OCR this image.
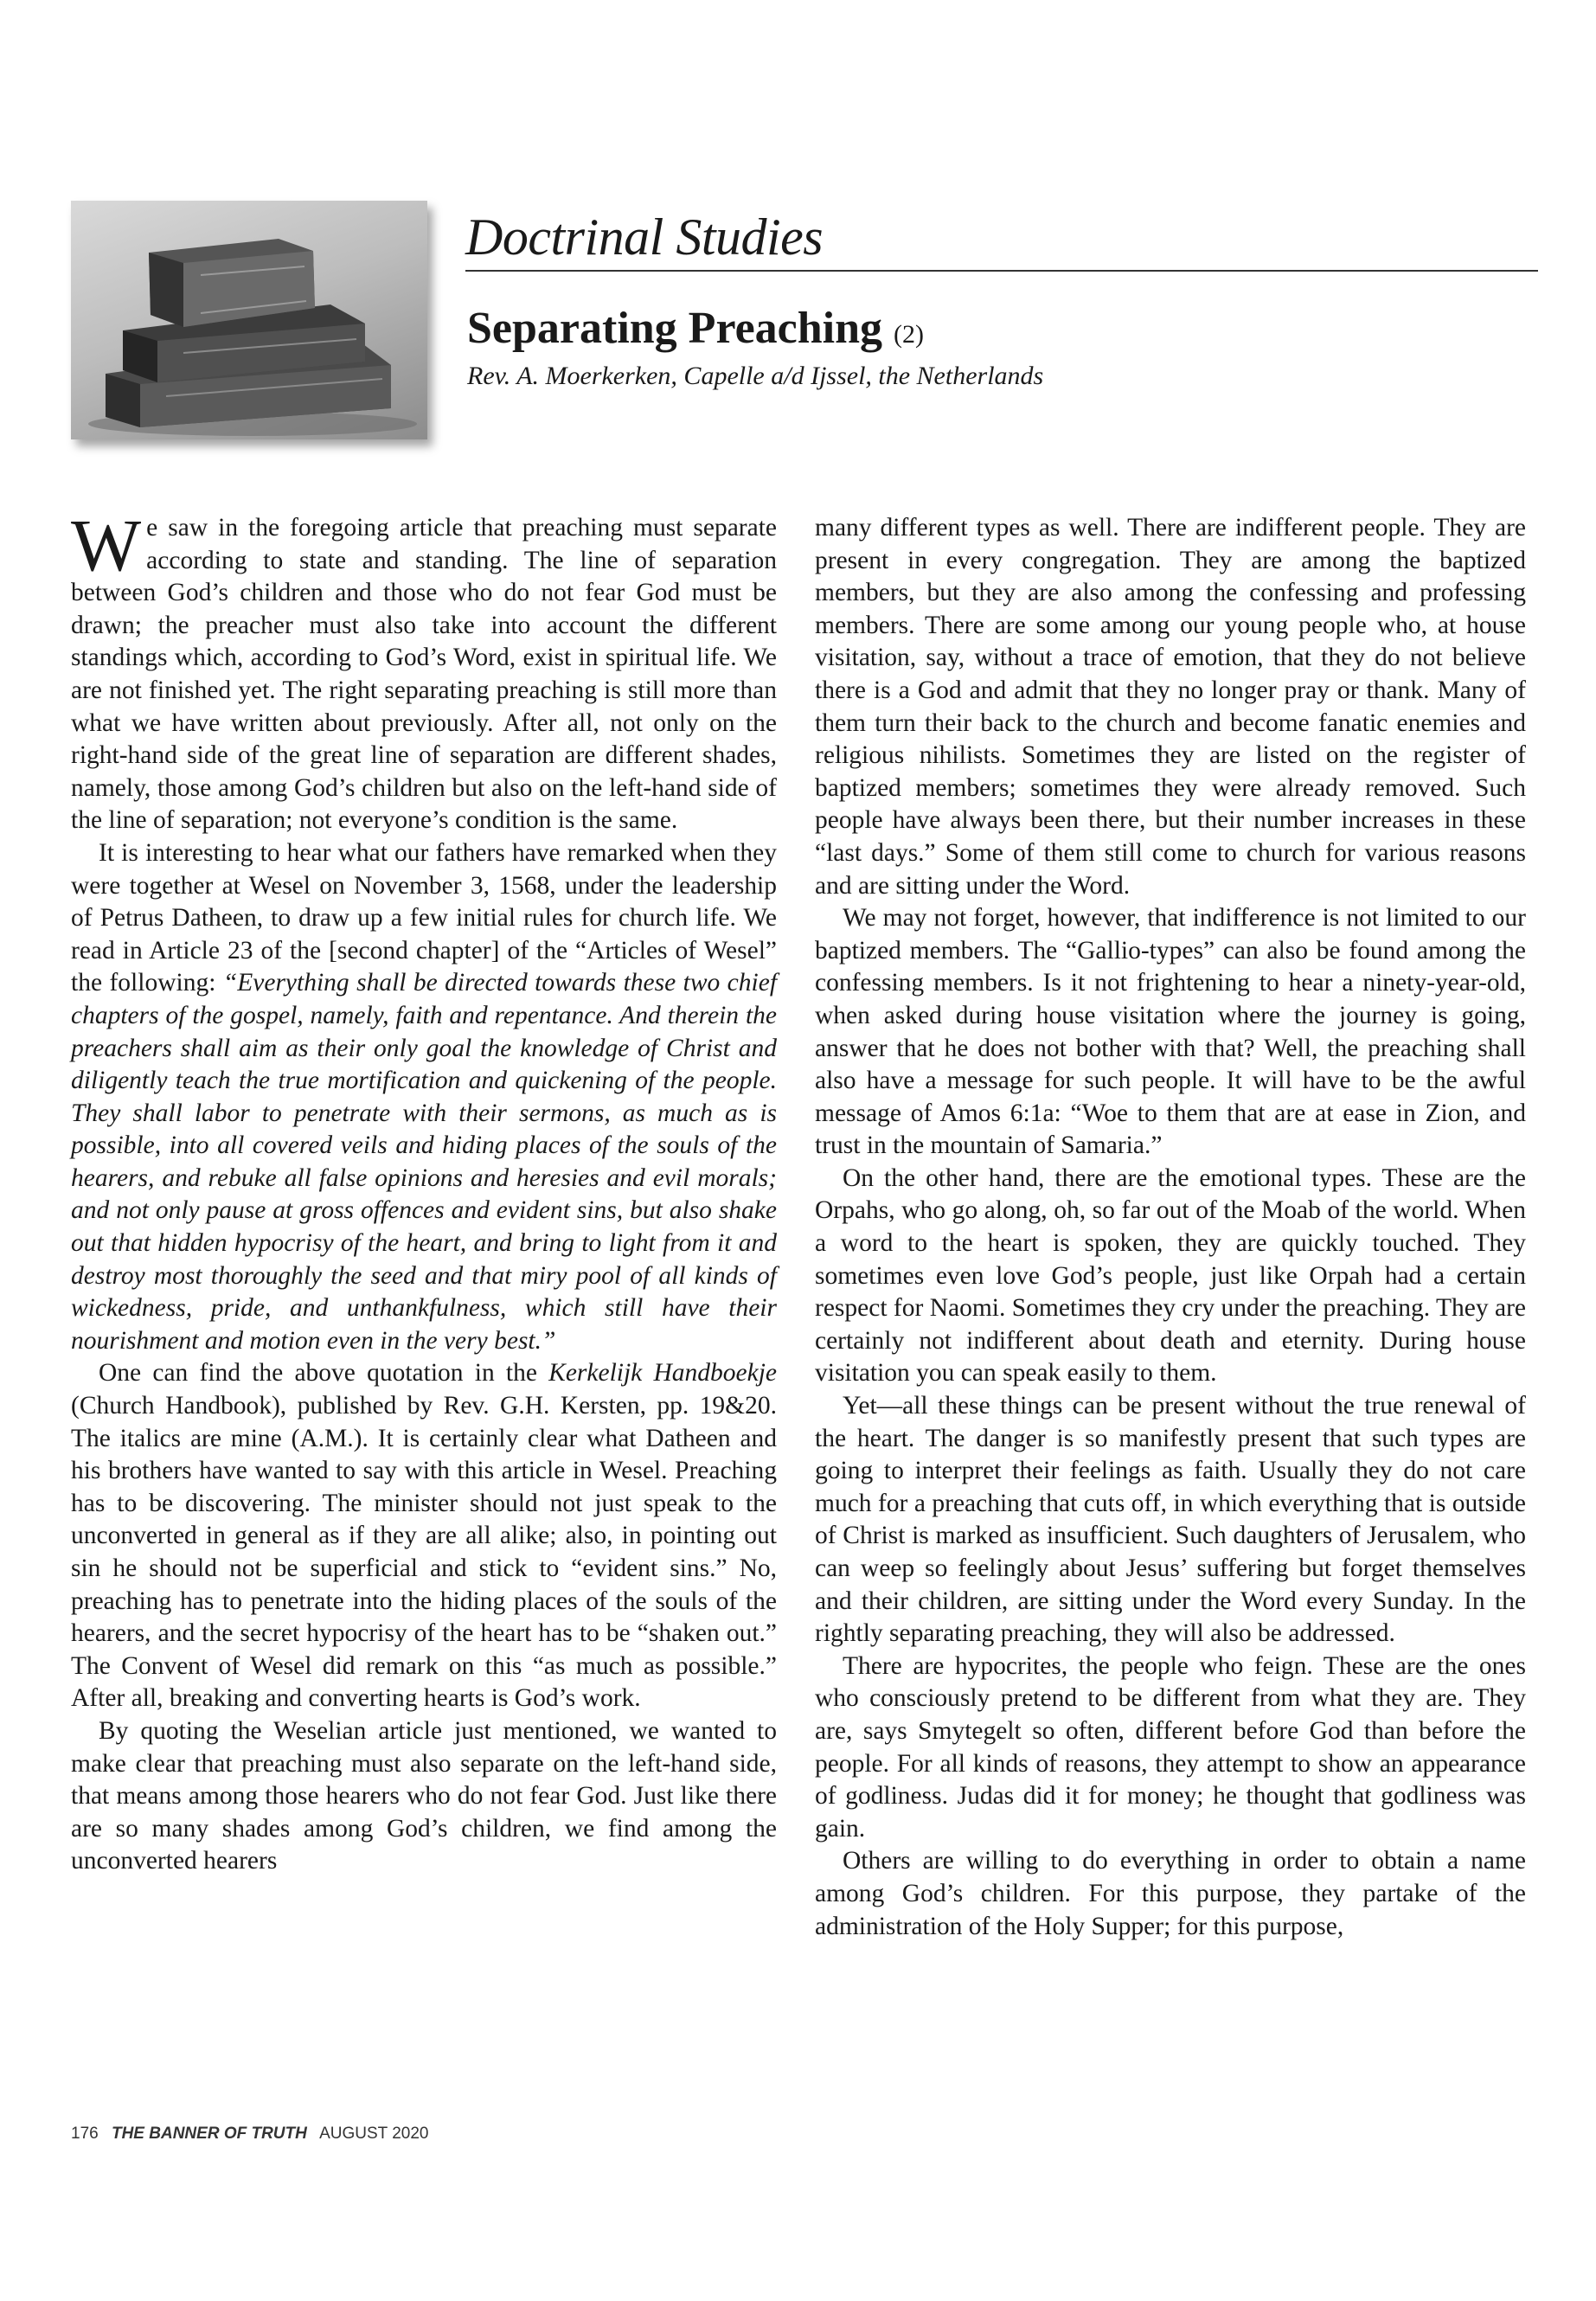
Doctrinal Studies
Separating Preaching (2)

Rev. A. Moerkerken, Capelle a/d Ijssel, the Netherlands

We saw in the foregoing article that preaching must separate according to state and standing. The line of separation between God’s children and those who do not fear God must be drawn; the preacher must also take into account the different standings which, according to God’s Word, exist in spiritual life. We are not finished yet. The right separating preaching is still more than what we have written about previously. After all, not only on the right-hand side of the great line of separation are different shades, namely, those among God’s children but also on the left-hand side of the line of separation; not everyone’s condition is the same.

It is interesting to hear what our fathers have remarked when they were together at Wesel on November 3, 1568, under the leadership of Petrus Datheen, to draw up a few initial rules for church life. We read in Article 23 of the [second chapter] of the “Articles of Wesel” the following: “Everything shall be directed towards these two chief chapters of the gospel, namely, faith and repentance. And therein the preachers shall aim as their only goal the knowledge of Christ and diligently teach the true mortification and quickening of the people. They shall labor to penetrate with their sermons, as much as is possible, into all covered veils and hiding places of the souls of the hearers, and rebuke all false opinions and heresies and evil morals; and not only pause at gross offences and evident sins, but also shake out that hidden hypocrisy of the heart, and bring to light from it and destroy most thoroughly the seed and that miry pool of all kinds of wickedness, pride, and unthankfulness, which still have their nourishment and motion even in the very best.”

One can find the above quotation in the Kerkelijk Handboekje (Church Handbook), published by Rev. G.H. Kersten, pp. 19&20. The italics are mine (A.M.). It is certainly clear what Datheen and his brothers have wanted to say with this article in Wesel. Preaching has to be discovering. The minister should not just speak to the unconverted in general as if they are all alike; also, in pointing out sin he should not be superficial and stick to “evident sins.” No, preaching has to penetrate into the hiding places of the souls of the hearers, and the secret hypocrisy of the heart has to be “shaken out.” The Convent of Wesel did remark on this “as much as possible.” After all, breaking and converting hearts is God’s work.

By quoting the Weselian article just mentioned, we wanted to make clear that preaching must also separate on the left-hand side, that means among those hearers who do not fear God. Just like there are so many shades among God’s children, we find among the unconverted hearers

many different types as well. There are indifferent people. They are present in every congregation. They are among the baptized members, but they are also among the confessing and professing members. There are some among our young people who, at house visitation, say, without a trace of emotion, that they do not believe there is a God and admit that they no longer pray or thank. Many of them turn their back to the church and become fanatic enemies and religious nihilists. Sometimes they are listed on the register of baptized members; sometimes they were already removed. Such people have always been there, but their number increases in these “last days.” Some of them still come to church for various reasons and are sitting under the Word.

We may not forget, however, that indifference is not limited to our baptized members. The “Gallio-types” can also be found among the confessing members. Is it not frightening to hear a ninety-year-old, when asked during house visitation where the journey is going, answer that he does not bother with that? Well, the preaching shall also have a message for such people. It will have to be the awful message of Amos 6:1a: “Woe to them that are at ease in Zion, and trust in the mountain of Samaria.”

On the other hand, there are the emotional types. These are the Orpahs, who go along, oh, so far out of the Moab of the world. When a word to the heart is spoken, they are quickly touched. They sometimes even love God’s people, just like Orpah had a certain respect for Naomi. Sometimes they cry under the preaching. They are certainly not indifferent about death and eternity. During house visitation you can speak easily to them.

Yet—all these things can be present without the true renewal of the heart. The danger is so manifestly present that such types are going to interpret their feelings as faith. Usually they do not care much for a preaching that cuts off, in which everything that is outside of Christ is marked as insufficient. Such daughters of Jerusalem, who can weep so feelingly about Jesus’ suffering but forget themselves and their children, are sitting under the Word every Sunday. In the rightly separating preaching, they will also be addressed.

There are hypocrites, the people who feign. These are the ones who consciously pretend to be different from what they are. They are, says Smytegelt so often, different before God than before the people. For all kinds of reasons, they attempt to show an appearance of godliness. Judas did it for money; he thought that godliness was gain.

Others are willing to do everything in order to obtain a name among God’s children. For this purpose, they partake of the administration of the Holy Supper; for this purpose,

176 THE BANNER OF TRUTH AUGUST 2020
